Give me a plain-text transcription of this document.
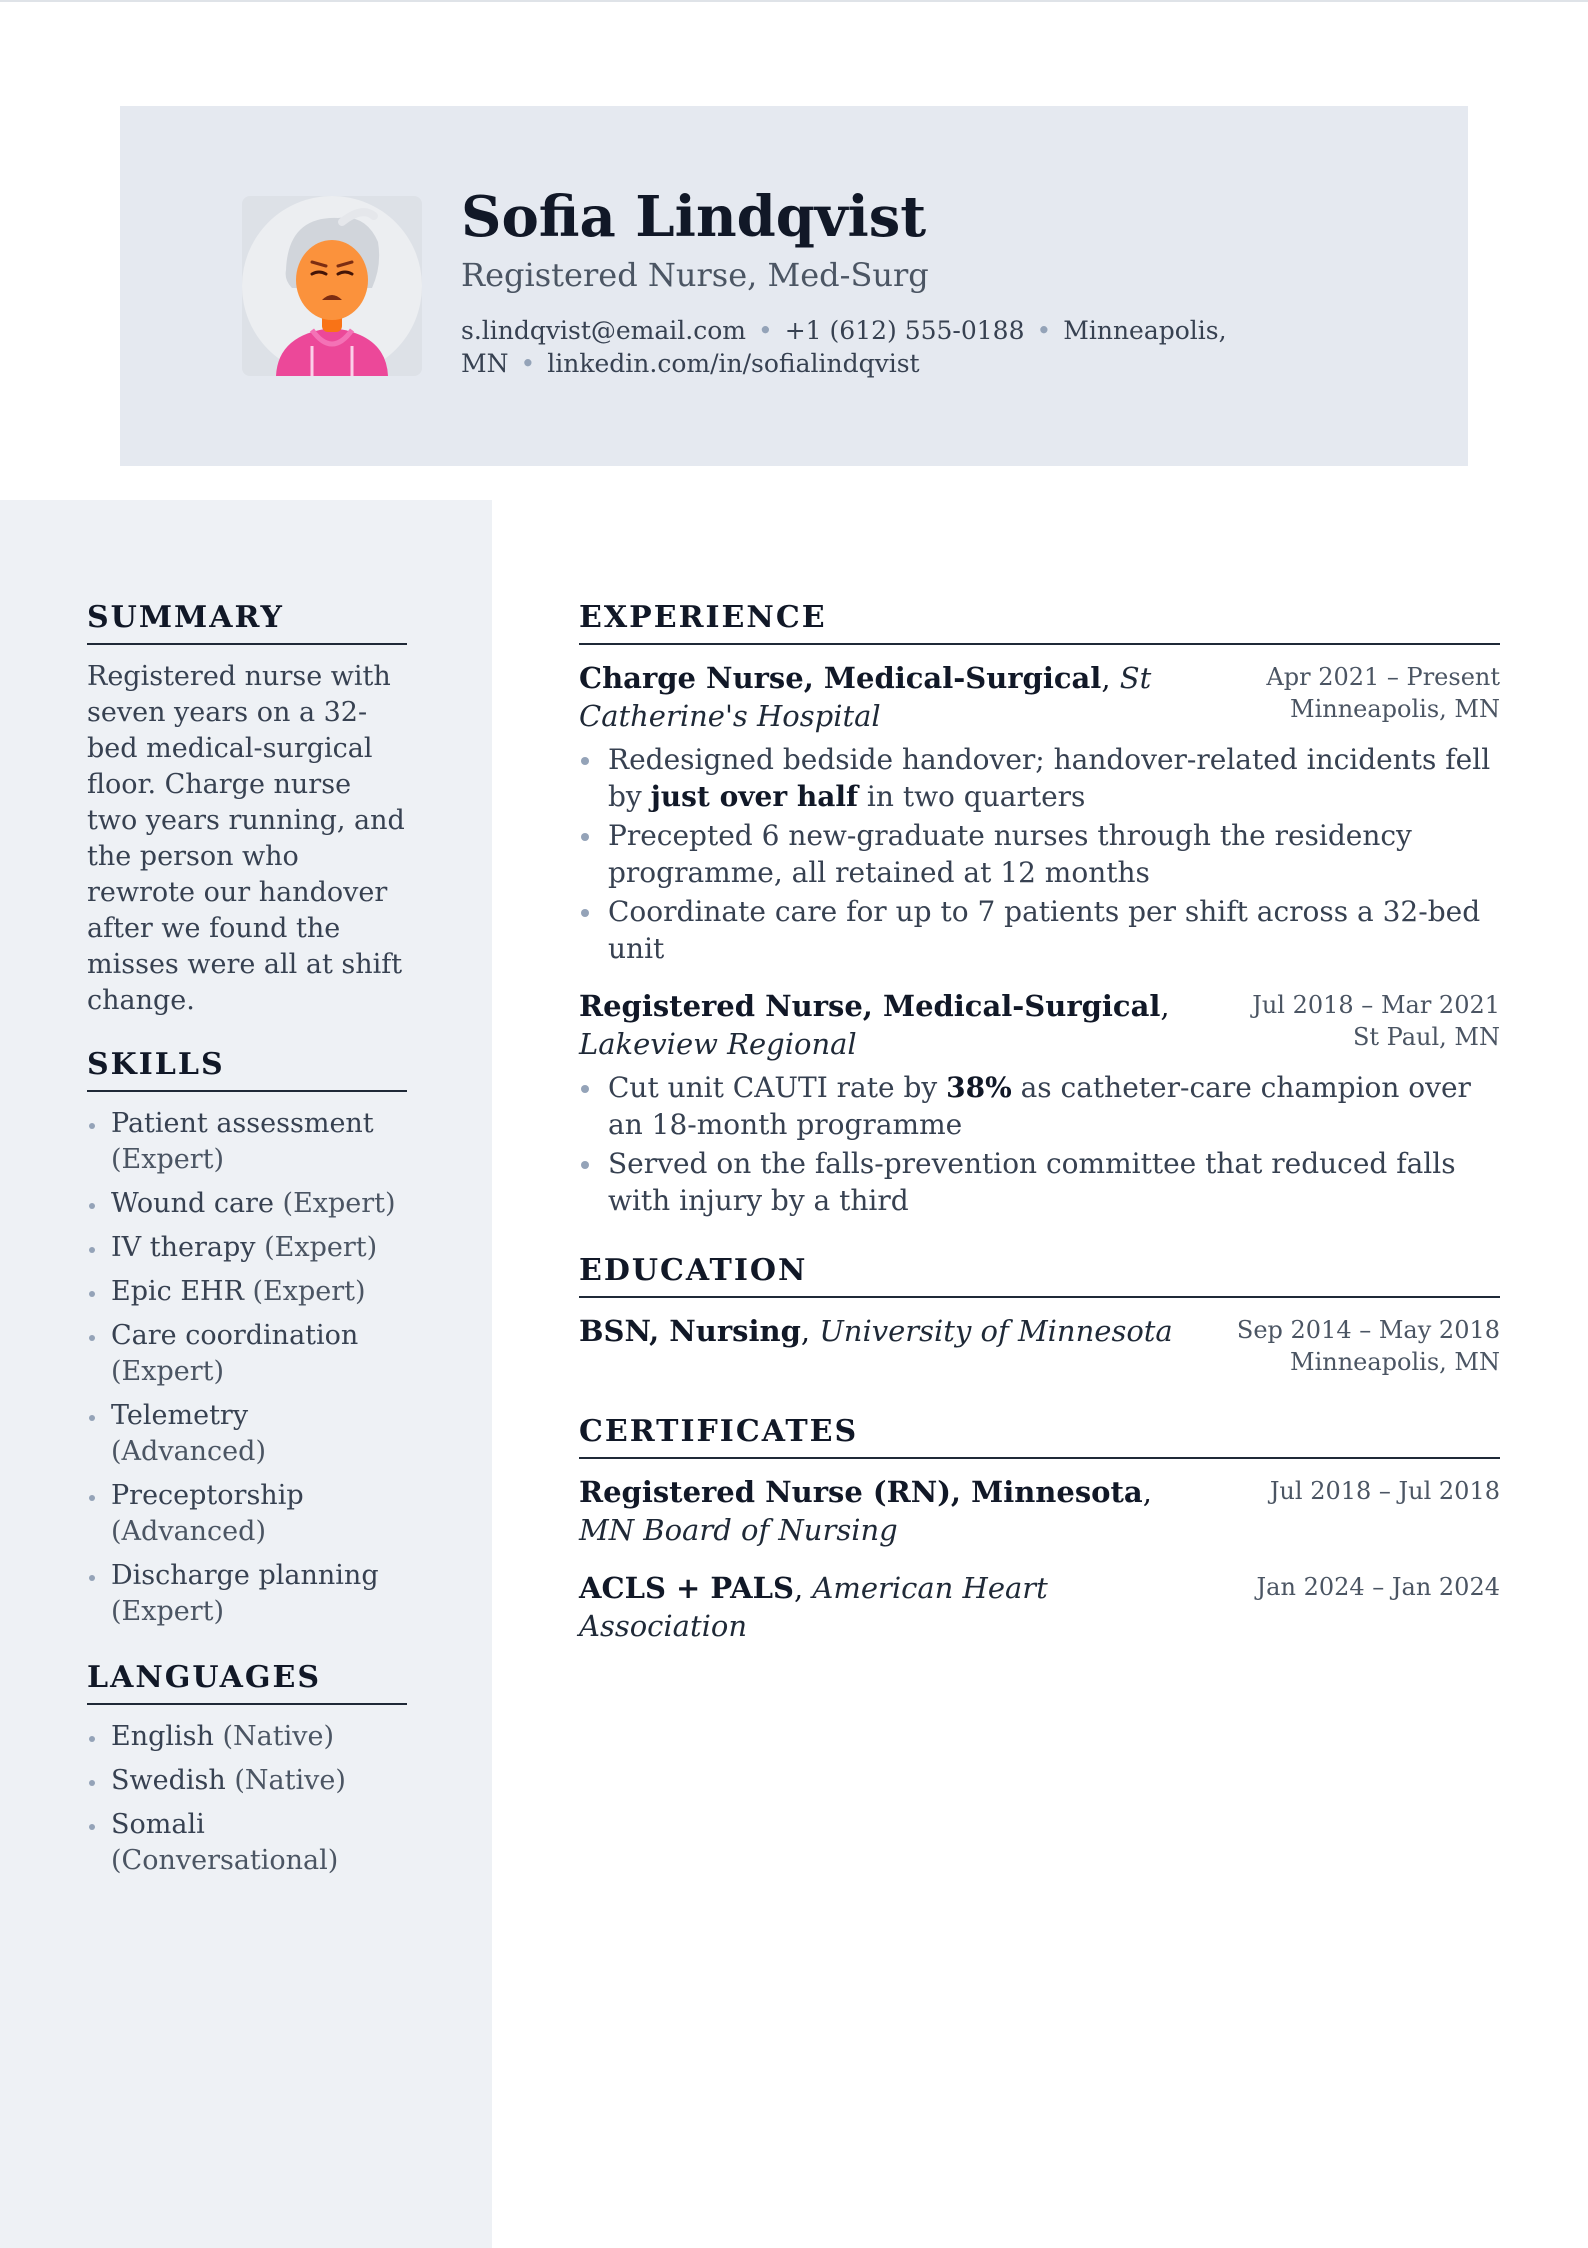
Sofia Lindqvist
Registered Nurse, Med-Surg
s.lindqvist@email.com • +1 (612) 555-0188 • Minneapolis, MN • linkedin.com/in/sofialindqvist
SUMMARY

Registered nurse with seven years on a 32-bed medical-surgical floor. Charge nurse two years running, and the person who rewrote our handover after we found the misses were all at shift change.

SKILLS
Patient assessment (Expert)
Wound care (Expert)
IV therapy (Expert)
Epic EHR (Expert)
Care coordination (Expert)
Telemetry (Advanced)
Preceptorship (Advanced)
Discharge planning (Expert)
LANGUAGES
English (Native)
Swedish (Native)
Somali (Conversational)
EXPERIENCE
Charge Nurse, Medical-Surgical, St Catherine's Hospital
Apr 2021 – Present
Minneapolis, MN
Redesigned bedside handover; handover-related incidents fell by just over half in two quarters
Precepted 6 new-graduate nurses through the residency programme, all retained at 12 months
Coordinate care for up to 7 patients per shift across a 32-bed unit
Registered Nurse, Medical-Surgical, Lakeview Regional
Jul 2018 – Mar 2021
St Paul, MN
Cut unit CAUTI rate by 38% as catheter-care champion over an 18-month programme
Served on the falls-prevention committee that reduced falls with injury by a third
EDUCATION
BSN, Nursing, University of Minnesota	Sep 2014 – May 2018
Minneapolis, MN
CERTIFICATES
Registered Nurse (RN), Minnesota, MN Board of Nursing
Jul 2018 – Jul 2018
ACLS + PALS, American Heart Association
Jan 2024 – Jan 2024
